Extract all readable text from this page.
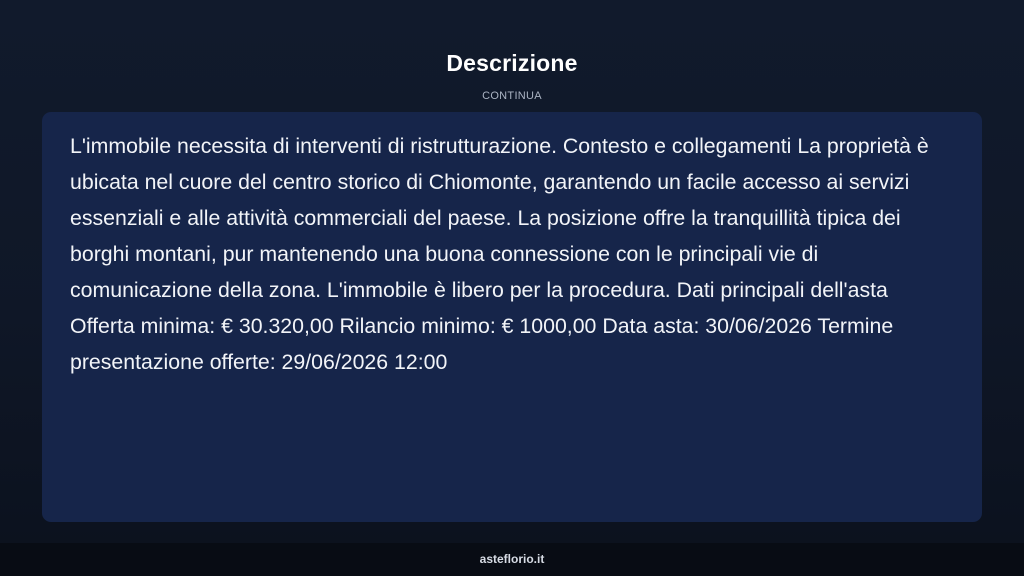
Descrizione
CONTINUA

L'immobile necessita di interventi di ristrutturazione. Contesto e collegamenti La proprietà è ubicata nel cuore del centro storico di Chiomonte, garantendo un facile accesso ai servizi essenziali e alle attività commerciali del paese. La posizione offre la tranquillità tipica dei borghi montani, pur mantenendo una buona connessione con le principali vie di comunicazione della zona. L'immobile è libero per la procedura. Dati principali dell'asta Offerta minima: € 30.320,00 Rilancio minimo: € 1000,00 Data asta: 30/06/2026 Termine presentazione offerte: 29/06/2026 12:00

asteflorio.it
